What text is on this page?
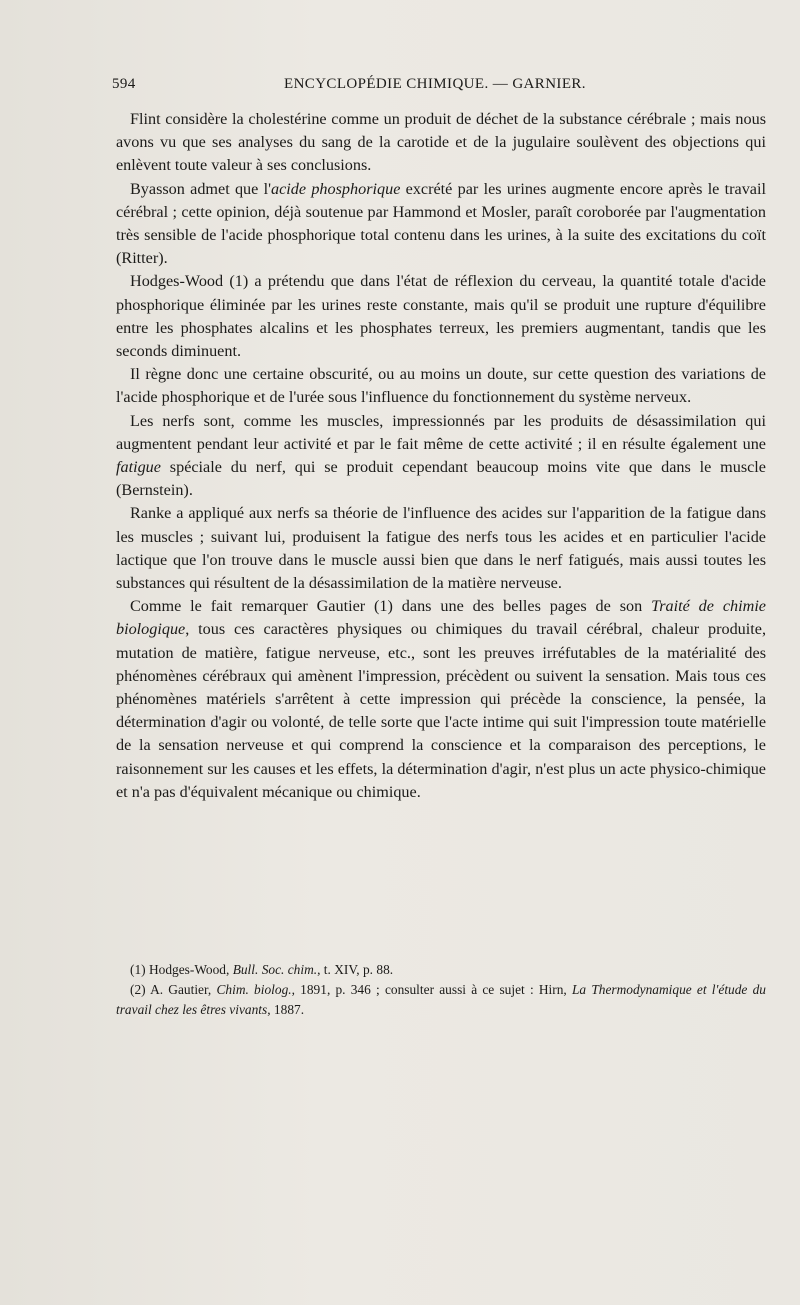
594	ENCYCLOPÉDIE CHIMIQUE. — GARNIER.

Flint considère la cholestérine comme un produit de déchet de la substance cérébrale ; mais nous avons vu que ses analyses du sang de la carotide et de la jugulaire soulèvent des objections qui enlèvent toute valeur à ses conclusions.

Byasson admet que l'acide phosphorique excrété par les urines augmente encore après le travail cérébral ; cette opinion, déjà soutenue par Hammond et Mosler, paraît coroborée par l'augmentation très sensible de l'acide phosphorique total contenu dans les urines, à la suite des excitations du coït (Ritter).

Hodges-Wood (1) a prétendu que dans l'état de réflexion du cerveau, la quantité totale d'acide phosphorique éliminée par les urines reste constante, mais qu'il se produit une rupture d'équilibre entre les phosphates alcalins et les phosphates terreux, les premiers augmentant, tandis que les seconds diminuent.

Il règne donc une certaine obscurité, ou au moins un doute, sur cette question des variations de l'acide phosphorique et de l'urée sous l'influence du fonctionnement du système nerveux.

Les nerfs sont, comme les muscles, impressionnés par les produits de désassimilation qui augmentent pendant leur activité et par le fait même de cette activité ; il en résulte également une fatigue spéciale du nerf, qui se produit cependant beaucoup moins vite que dans le muscle (Bernstein).

Ranke a appliqué aux nerfs sa théorie de l'influence des acides sur l'apparition de la fatigue dans les muscles ; suivant lui, produisent la fatigue des nerfs tous les acides et en particulier l'acide lactique que l'on trouve dans le muscle aussi bien que dans le nerf fatigués, mais aussi toutes les substances qui résultent de la désassimilation de la matière nerveuse.

Comme le fait remarquer Gautier (1) dans une des belles pages de son Traité de chimie biologique, tous ces caractères physiques ou chimiques du travail cérébral, chaleur produite, mutation de matière, fatigue nerveuse, etc., sont les preuves irréfutables de la matérialité des phénomènes cérébraux qui amènent l'impression, précèdent ou suivent la sensation. Mais tous ces phénomènes matériels s'arrêtent à cette impression qui précède la conscience, la pensée, la détermination d'agir ou volonté, de telle sorte que l'acte intime qui suit l'impression toute matérielle de la sensation nerveuse et qui comprend la conscience et la comparaison des perceptions, le raisonnement sur les causes et les effets, la détermination d'agir, n'est plus un acte physico-chimique et n'a pas d'équivalent mécanique ou chimique.

(1) Hodges-Wood, Bull. Soc. chim., t. XIV, p. 88.

(2) A. Gautier, Chim. biolog., 1891, p. 346 ; consulter aussi à ce sujet : Hirn, La Thermodynamique et l'étude du travail chez les êtres vivants, 1887.
